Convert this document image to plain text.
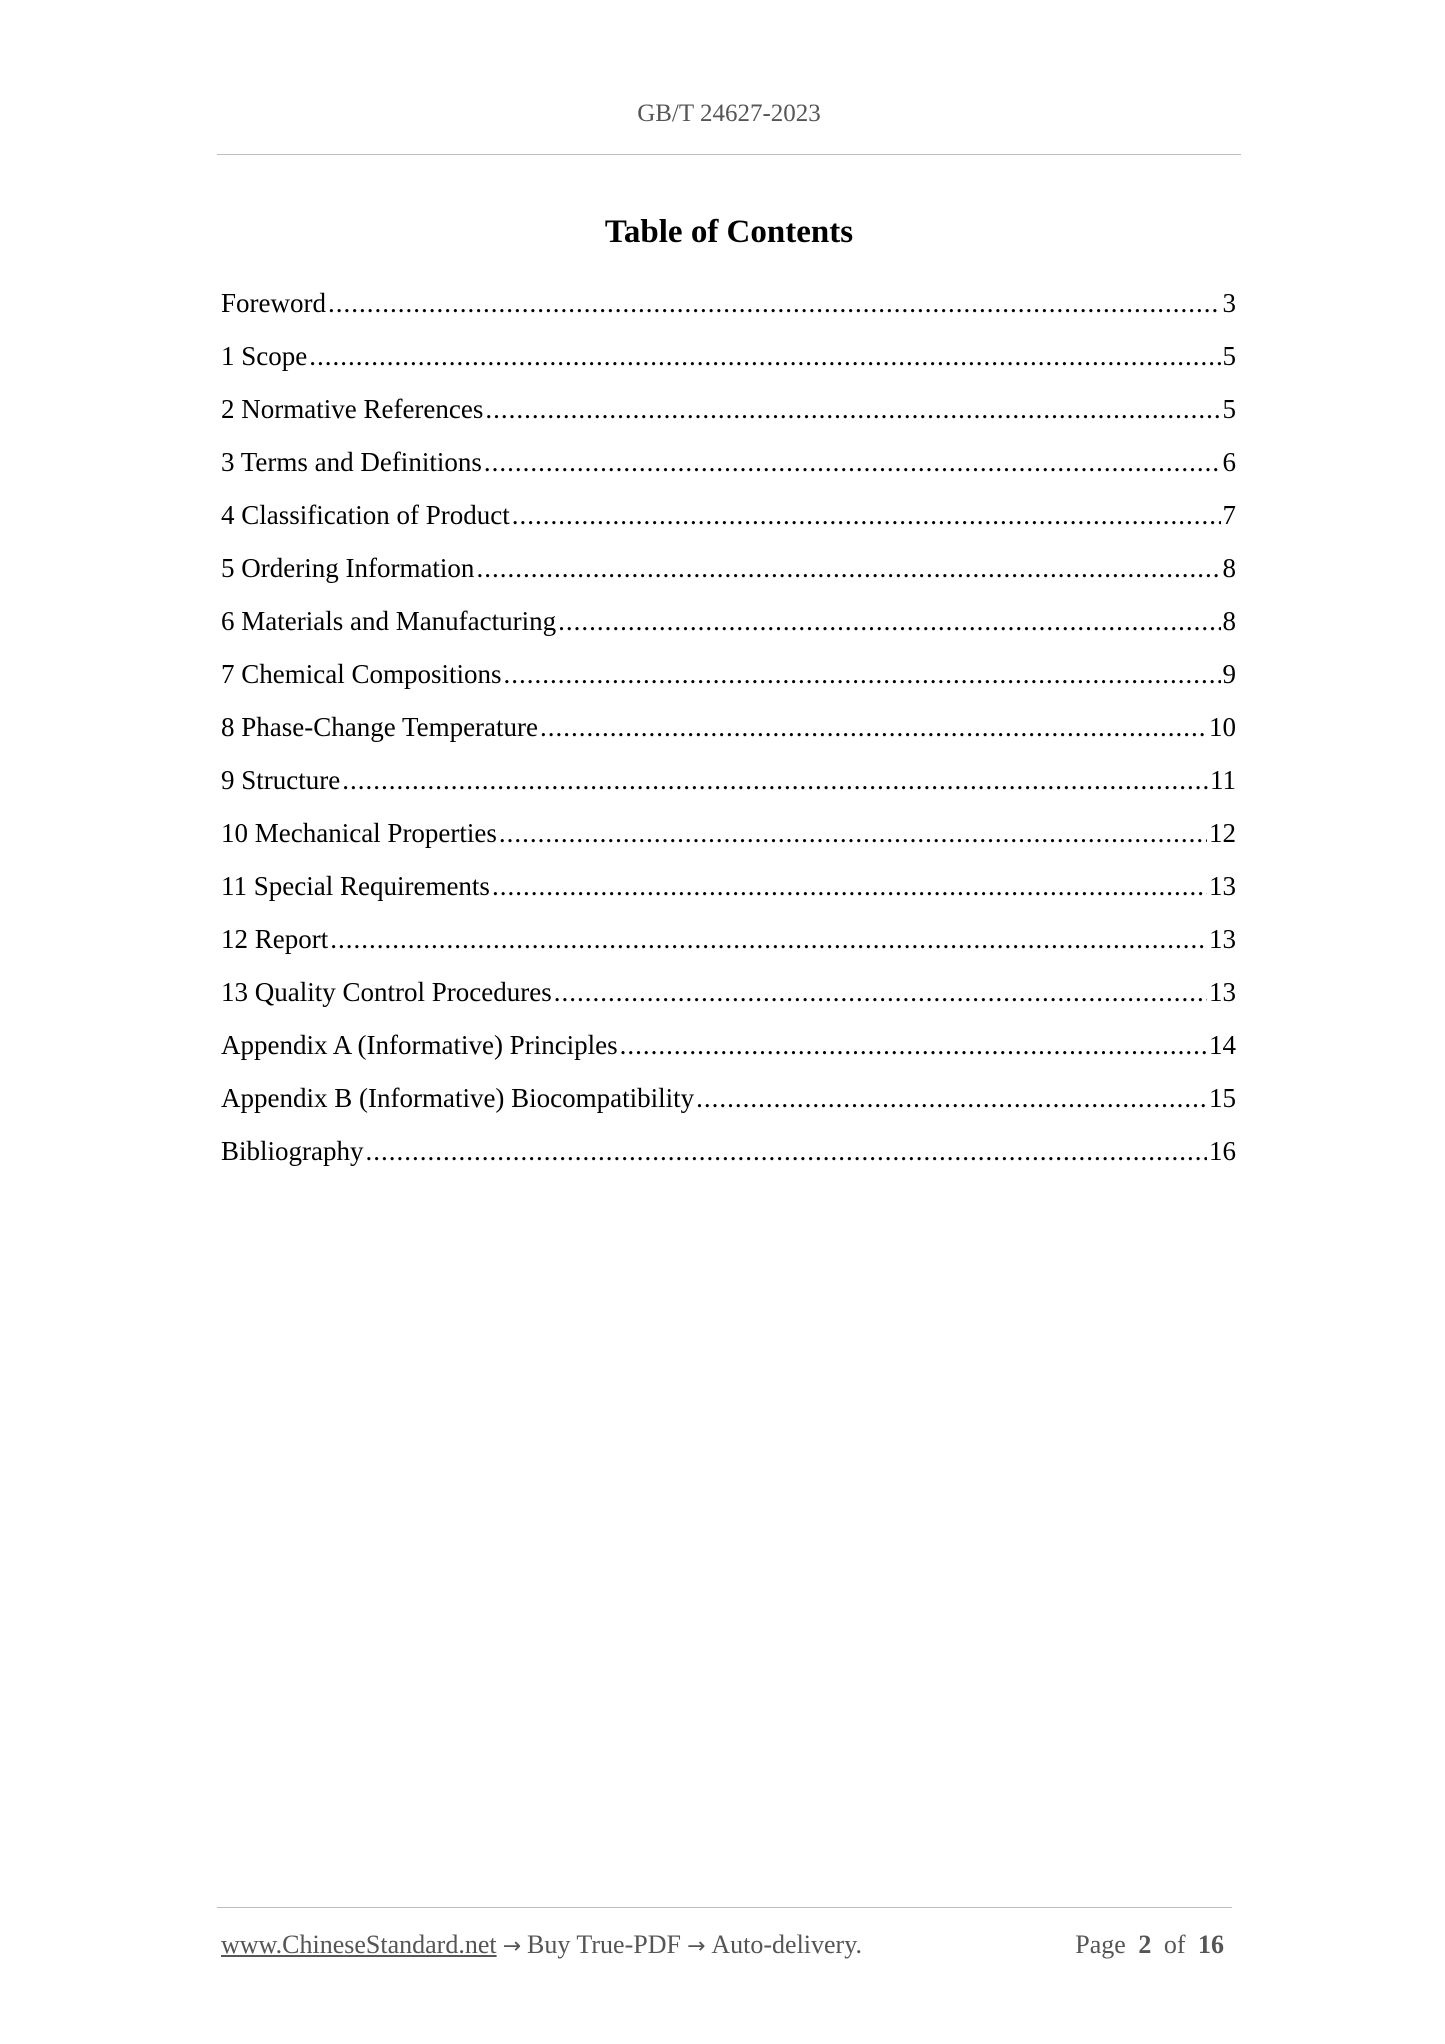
GB/T 24627-2023
Table of Contents
Foreword .....	3
1 Scope .....	5
2 Normative References .....	5
3 Terms and Definitions .....	6
4 Classification of Product .....	7
5 Ordering Information .....	8
6 Materials and Manufacturing .....	8
7 Chemical Compositions .....	9
8 Phase-Change Temperature .....	10
9 Structure .....	11
10 Mechanical Properties .....	12
11 Special Requirements .....	13
12 Report .....	13
13 Quality Control Procedures .....	13
Appendix A (Informative) Principles .....	14
Appendix B (Informative) Biocompatibility .....	15
Bibliography .....	16
www.ChineseStandard.net → Buy True-PDF → Auto-delivery.	Page 2 of 16
